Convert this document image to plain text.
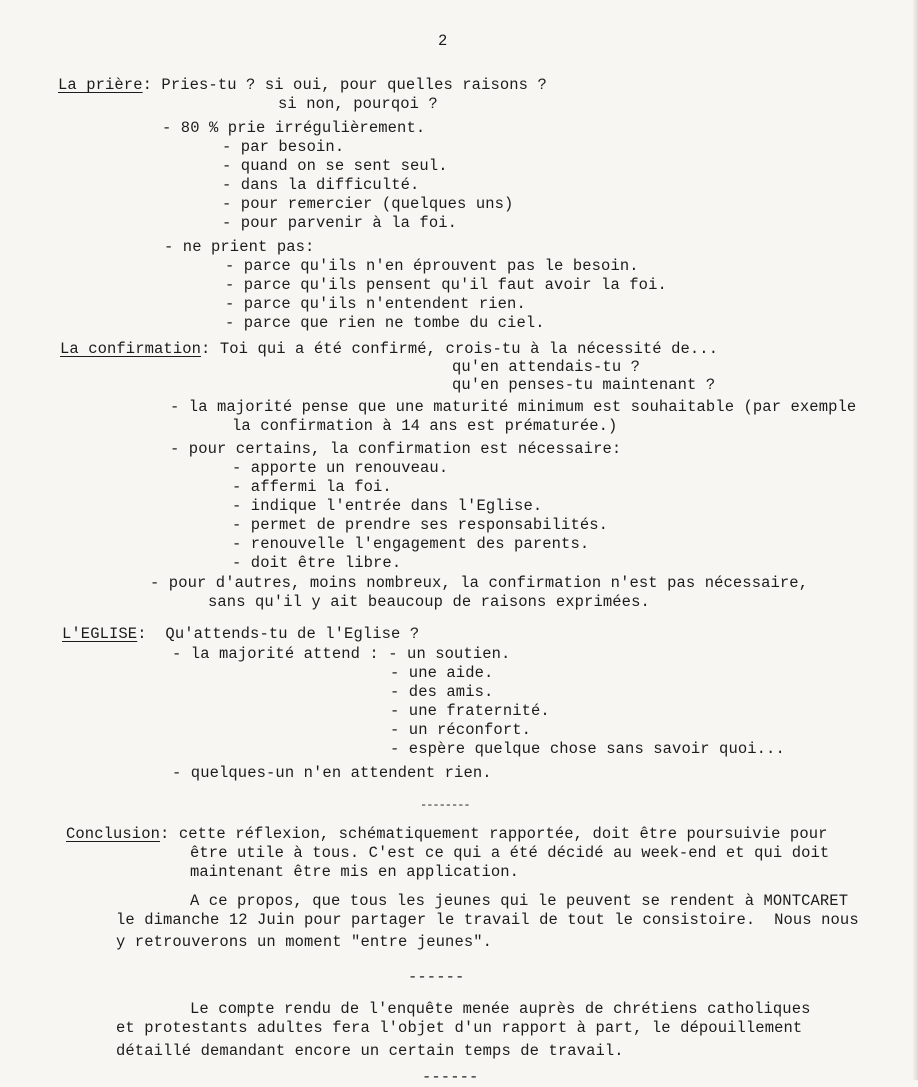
2
La prière: Pries-tu ? si oui, pour quelles raisons ?
si non, pourqoi ?
- 80 % prie irrégulièrement.
- par besoin.
- quand on se sent seul.
- dans la difficulté.
- pour remercier (quelques uns)
- pour parvenir à la foi.
- ne prient pas:
- parce qu'ils n'en éprouvent pas le besoin.
- parce qu'ils pensent qu'il faut avoir la foi.
- parce qu'ils n'entendent rien.
- parce que rien ne tombe du ciel.
La confirmation: Toi qui a été confirmé, crois-tu à la nécessité de...
qu'en attendais-tu ?
qu'en penses-tu maintenant ?
- la majorité pense que une maturité minimum est souhaitable (par exemple
la confirmation à 14 ans est prématurée.)
- pour certains, la confirmation est nécessaire:
- apporte un renouveau.
- affermi la foi.
- indique l'entrée dans l'Eglise.
- permet de prendre ses responsabilités.
- renouvelle l'engagement des parents.
- doit être libre.
- pour d'autres, moins nombreux, la confirmation n'est pas nécessaire,
sans qu'il y ait beaucoup de raisons exprimées.
L'EGLISE:  Qu'attends-tu de l'Eglise ?
- la majorité attend : - un soutien.
- une aide.
- des amis.
- une fraternité.
- un réconfort.
- espère quelque chose sans savoir quoi...
- quelques-un n'en attendent rien.
--------
Conclusion: cette réflexion, schématiquement rapportée, doit être poursuivie pour
être utile à tous. C'est ce qui a été décidé au week-end et qui doit
maintenant être mis en application.
A ce propos, que tous les jeunes qui le peuvent se rendent à MONTCARET
le dimanche 12 Juin pour partager le travail de tout le consistoire.  Nous nous
y retrouverons un moment "entre jeunes".
------
Le compte rendu de l'enquête menée auprès de chrétiens catholiques
et protestants adultes fera l'objet d'un rapport à part, le dépouillement
détaillé demandant encore un certain temps de travail.
------
